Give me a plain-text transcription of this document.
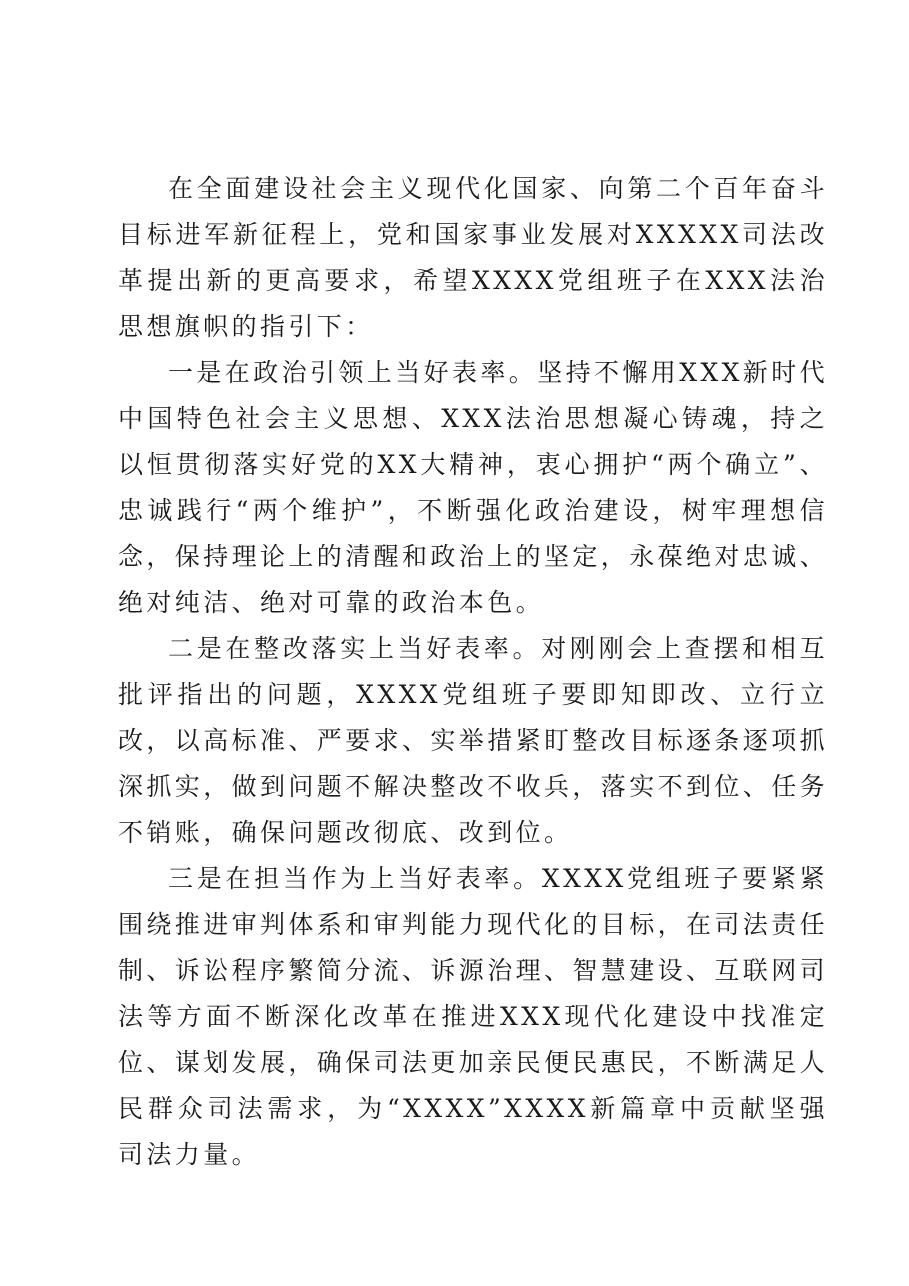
在全面建设社会主义现代化国家、向第二个百年奋斗目标进军新征程上，党和国家事业发展对XXXXX司法改革提出新的更高要求，希望XXXX党组班子在XXX法治思想旗帜的指引下：

一是在政治引领上当好表率。坚持不懈用XXX新时代中国特色社会主义思想、XXX法治思想凝心铸魂，持之以恒贯彻落实好党的XX大精神，衷心拥护“两个确立”、忠诚践行“两个维护”，不断强化政治建设，树牢理想信念，保持理论上的清醒和政治上的坚定，永葆绝对忠诚、绝对纯洁、绝对可靠的政治本色。

二是在整改落实上当好表率。对刚刚会上查摆和相互批评指出的问题，XXXX党组班子要即知即改、立行立改，以高标准、严要求、实举措紧盯整改目标逐条逐项抓深抓实，做到问题不解决整改不收兵，落实不到位、任务不销账，确保问题改彻底、改到位。

三是在担当作为上当好表率。XXXX党组班子要紧紧围绕推进审判体系和审判能力现代化的目标，在司法责任制、诉讼程序繁简分流、诉源治理、智慧建设、互联网司法等方面不断深化改革在推进XXX现代化建设中找准定位、谋划发展，确保司法更加亲民便民惠民，不断满足人民群众司法需求，为“XXXX”XXXX新篇章中贡献坚强司法力量。
